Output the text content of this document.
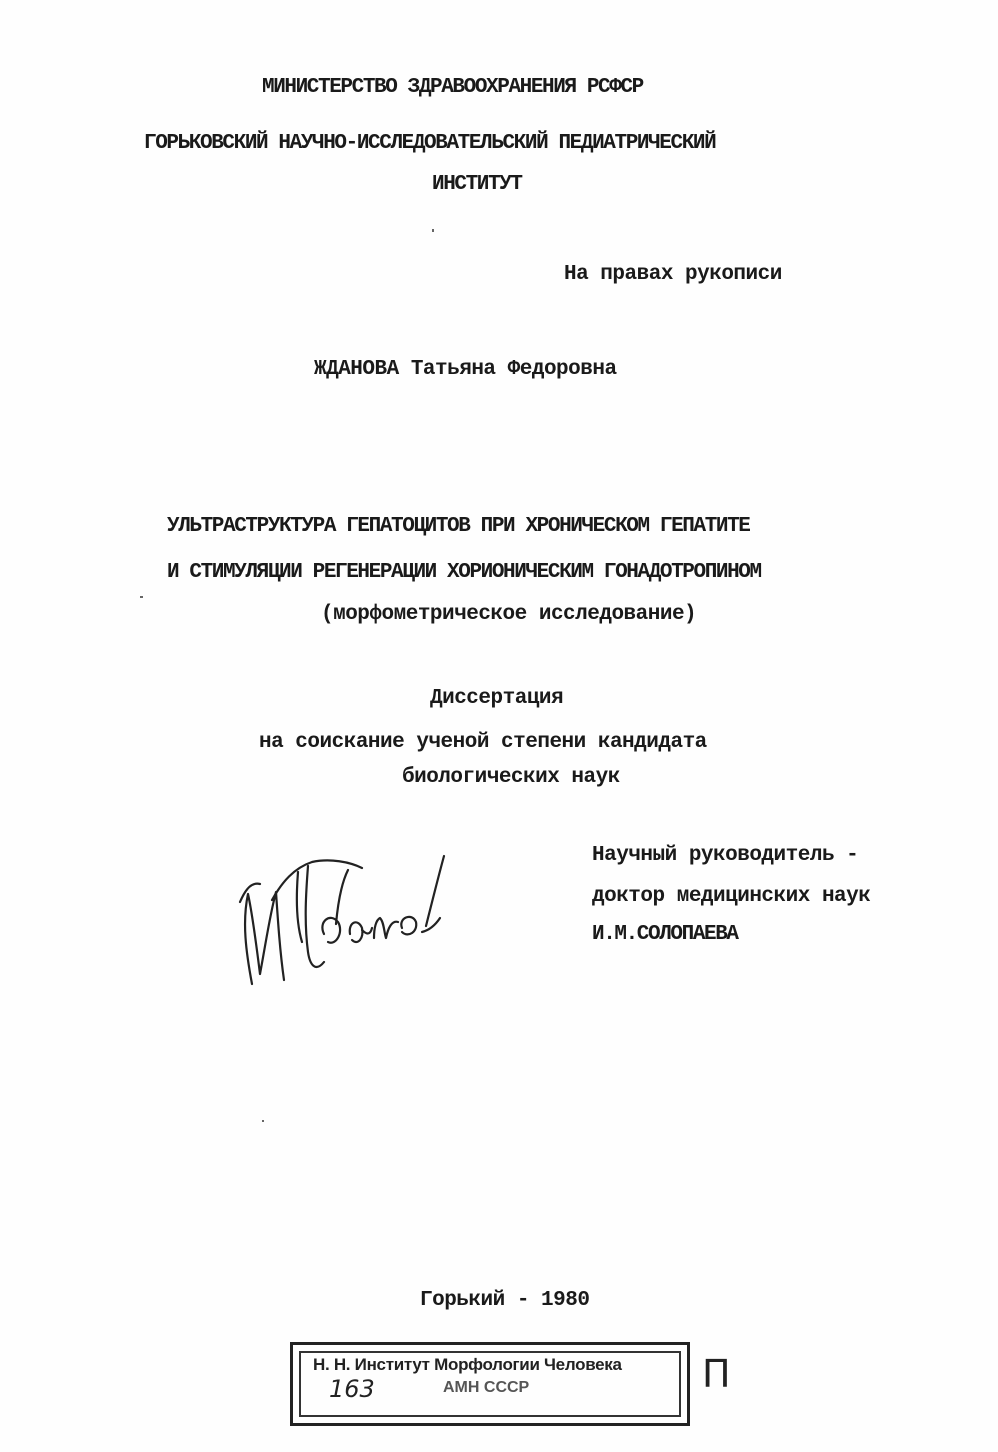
МИНИСТЕРСТВО ЗДРАВООХРАНЕНИЯ РСФСР
ГОРЬКОВСКИЙ НАУЧНО-ИССЛЕДОВАТЕЛЬСКИЙ ПЕДИАТРИЧЕСКИЙ
ИНСТИТУТ
На правах рукописи
ЖДАНОВА Татьяна Федоровна
УЛЬТРАСТРУКТУРА ГЕПАТОЦИТОВ ПРИ ХРОНИЧЕСКОМ ГЕПАТИТЕ
И СТИМУЛЯЦИИ РЕГЕНЕРАЦИИ ХОРИОНИЧЕСКИМ ГОНАДОТРОПИНОМ
(морфометрическое исследование)
Диссертация
на соискание ученой степени кандидата
биологических наук
Научный руководитель -
доктор медицинских наук
И.М.СОЛОПАЕВА
Горький - 1980
Н. Н. Институт Морфологии Человека
163	АМН СССР	П
